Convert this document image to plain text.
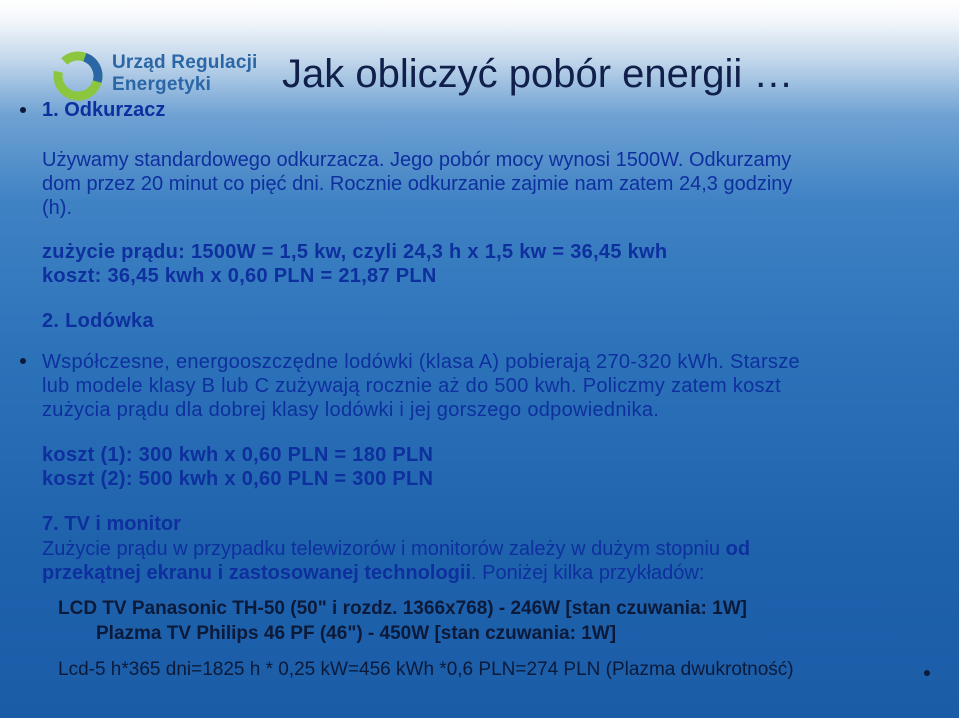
Urząd Regulacji
Energetyki	Jak obliczyć pobór energii …
1. Odkurzacz
Używamy standardowego odkurzacza. Jego pobór mocy wynosi 1500W. Odkurzamy
dom przez 20 minut co pięć dni. Rocznie odkurzanie zajmie nam zatem 24,3 godziny
(h).
zużycie prądu: 1500W = 1,5 kw, czyli 24,3 h x 1,5 kw = 36,45 kwh
koszt: 36,45 kwh x 0,60 PLN = 21,87 PLN
2. Lodówka
Współczesne, energooszczędne lodówki (klasa A) pobierają 270-320 kWh. Starsze
lub modele klasy B lub C zużywają rocznie aż do 500 kwh. Policzmy zatem koszt
zużycia prądu dla dobrej klasy lodówki i jej gorszego odpowiednika.
koszt (1): 300 kwh x 0,60 PLN = 180 PLN
koszt (2): 500 kwh x 0,60 PLN = 300 PLN
7. TV i monitor
Zużycie prądu w przypadku telewizorów i monitorów zależy w dużym stopniu od
przekątnej ekranu i zastosowanej technologii. Poniżej kilka przykładów:
LCD TV Panasonic TH-50 (50" i rozdz. 1366x768) - 246W [stan czuwania: 1W]
Plazma TV Philips 46 PF (46") - 450W [stan czuwania: 1W]
Lcd-5 h*365 dni=1825 h * 0,25 kW=456 kWh *0,6 PLN=274 PLN (Plazma dwukrotność)
